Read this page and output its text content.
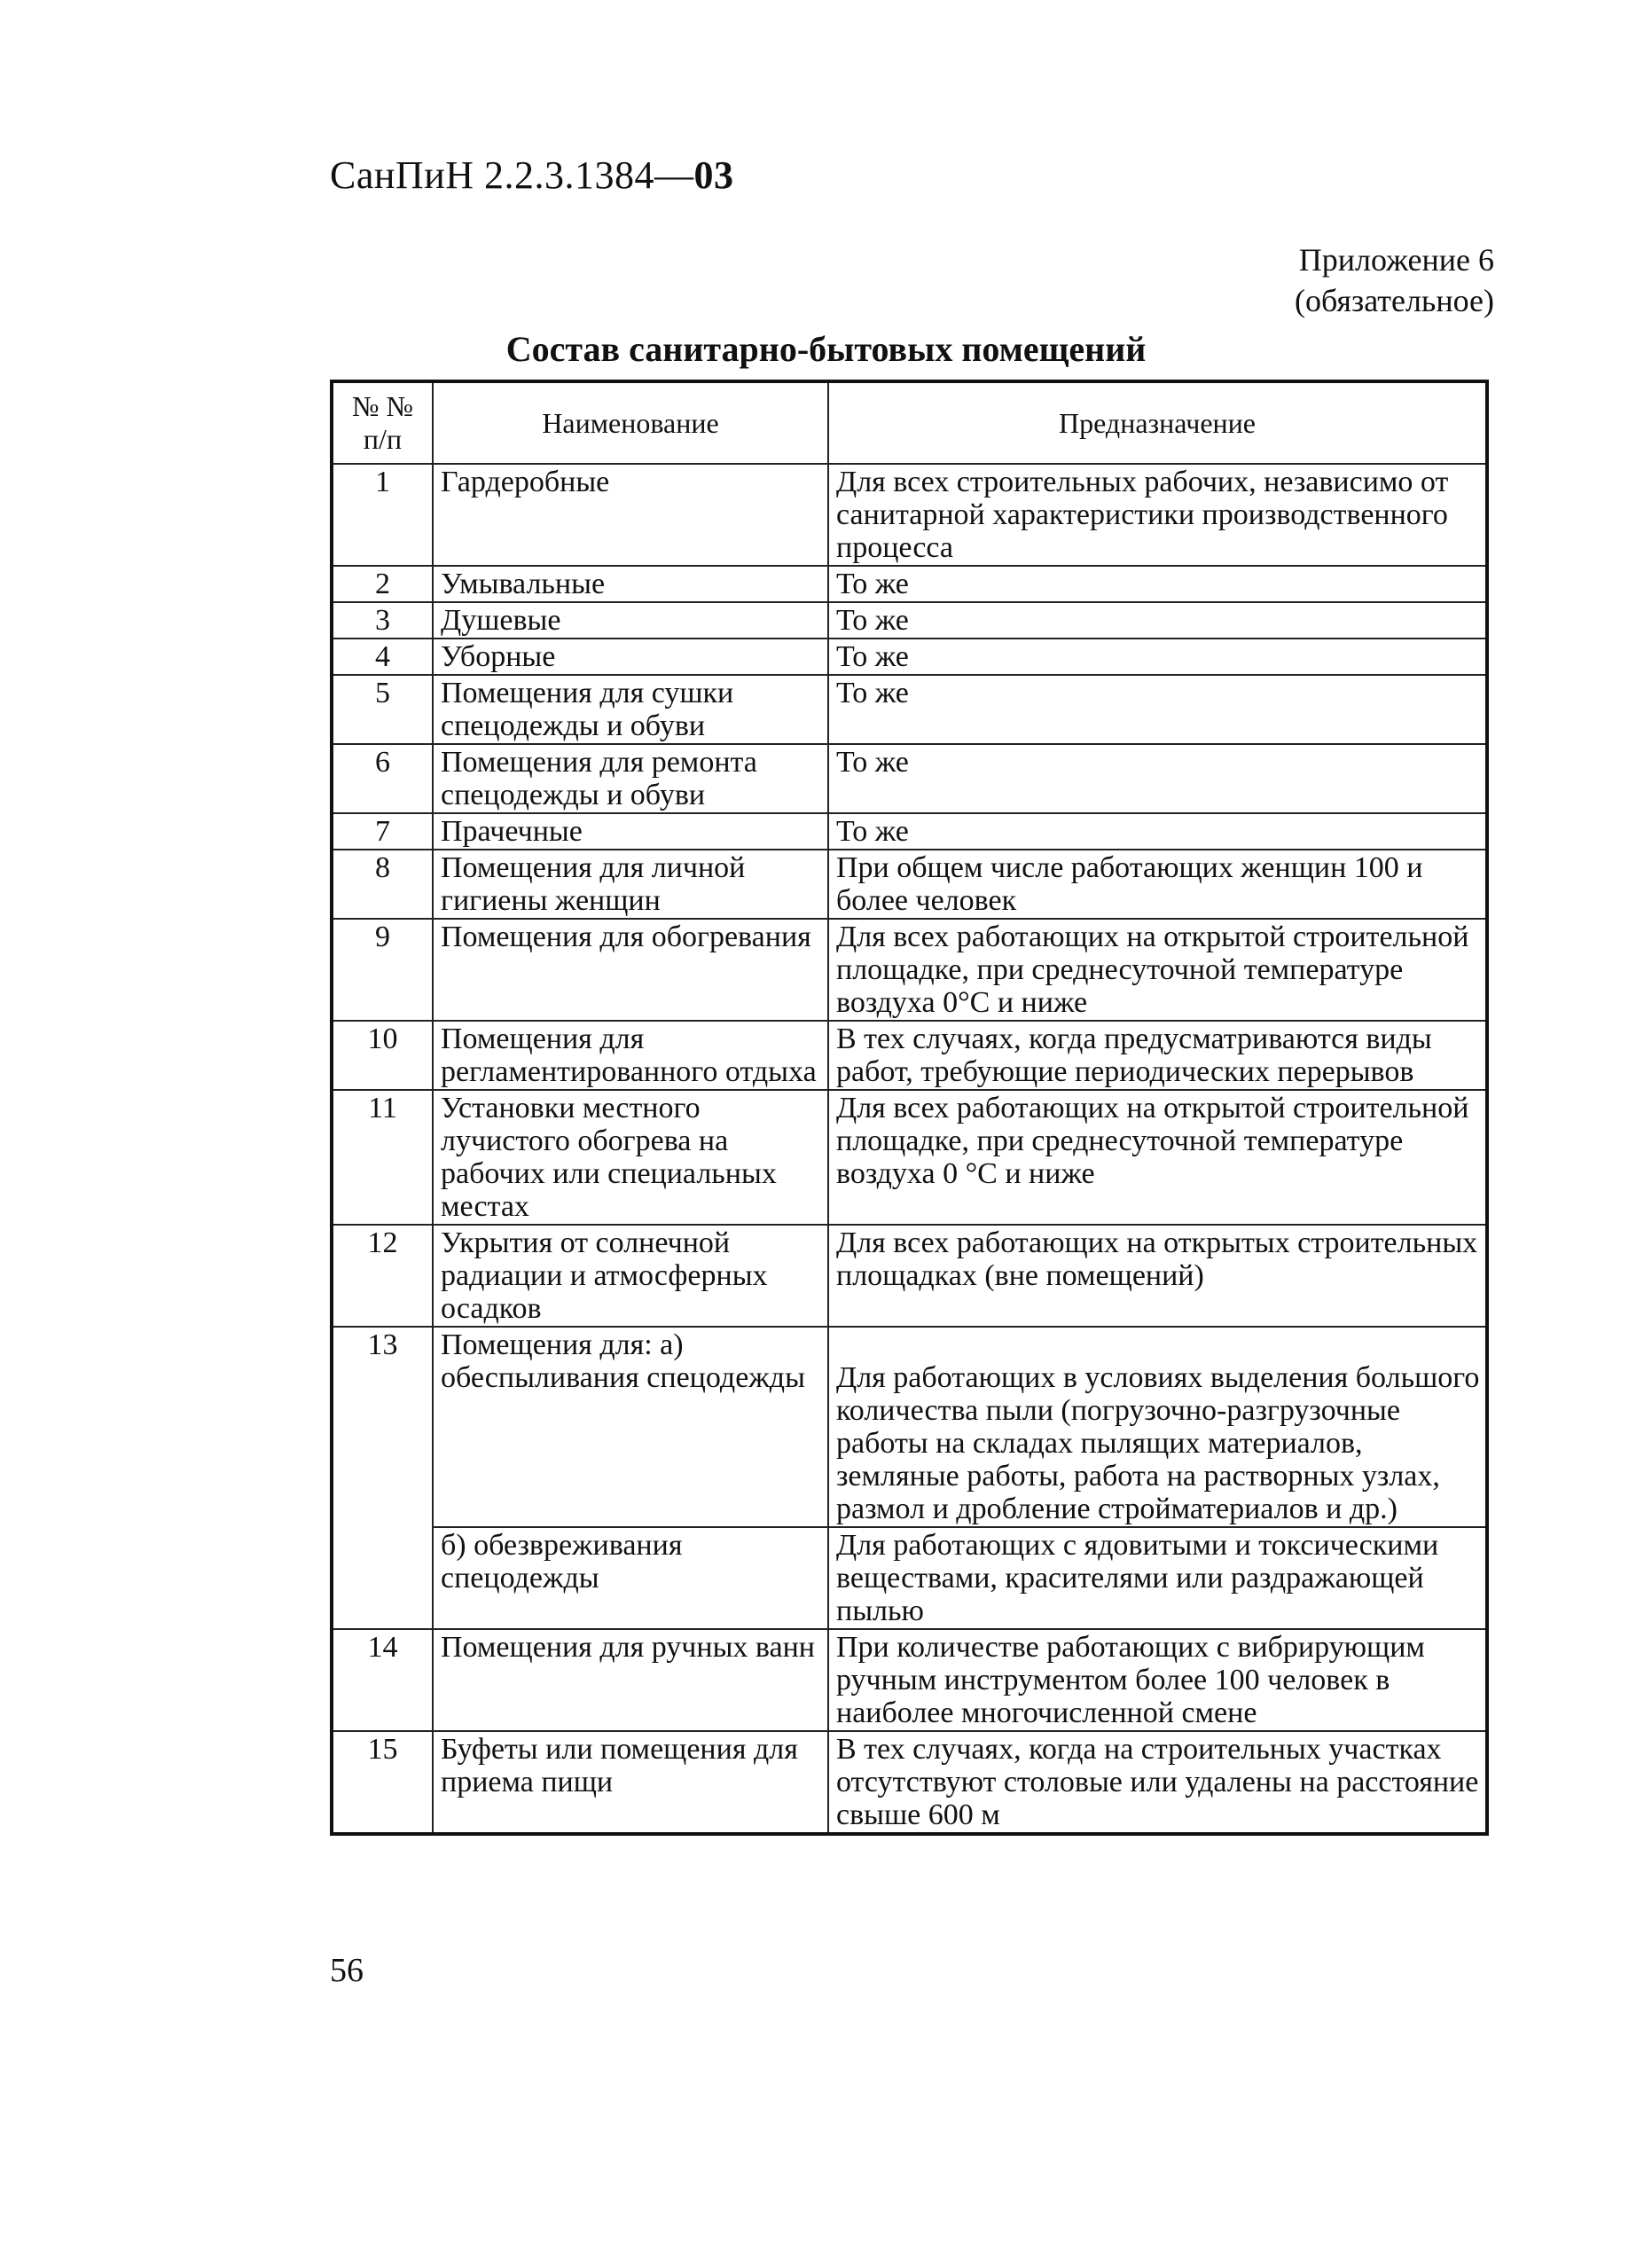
СанПиН 2.2.3.1384—03
Приложение 6
(обязательное)
Состав санитарно-бытовых помещений
№ № п/п	Наименование	Предназначение
1	Гардеробные	Для всех строительных рабочих, независимо от санитарной характеристики производственного процесса
2	Умывальные	То же
3	Душевые	То же
4	Уборные	То же
5	Помещения для сушки спецодежды и обуви	То же
6	Помещения для ремонта спецодежды и обуви	То же
7	Прачечные	То же
8	Помещения для личной гигиены женщин	При общем числе работающих женщин 100 и более человек
9	Помещения для обогревания	Для всех работающих на открытой строительной площадке, при среднесуточной температуре воздуха 0°С и ниже
10	Помещения для регламентированного отдыха	В тех случаях, когда предусматриваются виды работ, требующие периодических перерывов
11	Установки местного лучистого обогрева на рабочих или специальных местах	Для всех работающих на открытой строительной площадке, при среднесуточной температуре воздуха 0 °С и ниже
12	Укрытия от солнечной радиации и атмосферных осадков	Для всех работающих на открытых строительных площадках (вне помещений)
13	Помещения для: а) обеспыливания спецодежды	Для работающих в условиях выделения большого количества пыли (погрузочно-разгрузочные работы на складах пылящих материалов, земляные работы, работа на растворных узлах, размол и дробление стройматериалов и др.)
	б) обезвреживания спецодежды	Для работающих с ядовитыми и токсическими веществами, красителями или раздражающей пылью
14	Помещения для ручных ванн	При количестве работающих с вибрирующим ручным инструментом более 100 человек в наиболее многочисленной смене
15	Буфеты или помещения для приема пищи	В тех случаях, когда на строительных участках отсутствуют столовые или удалены на расстояние свыше 600 м
56
